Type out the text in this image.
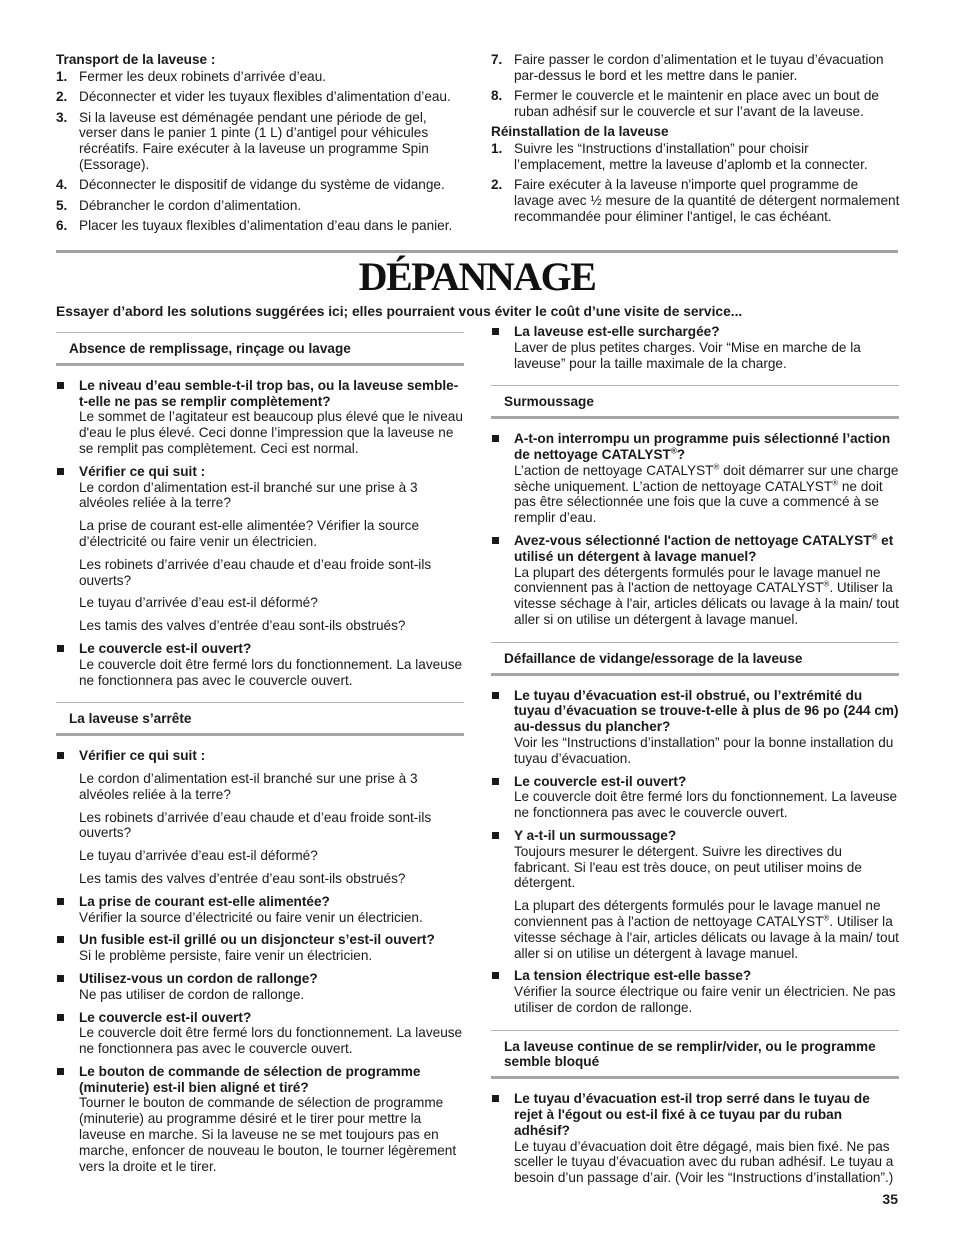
Transport de la laveuse :

1. Fermer les deux robinets d’arrivée d’eau.
2. Déconnecter et vider les tuyaux flexibles d’alimentation d’eau.
3. Si la laveuse est déménagée pendant une période de gel, verser dans le panier 1 pinte (1 L) d’antigel pour véhicules récréatifs. Faire exécuter à la laveuse un programme Spin (Essorage).
4. Déconnecter le dispositif de vidange du système de vidange.
5. Débrancher le cordon d’alimentation.
6. Placer les tuyaux flexibles d’alimentation d’eau dans le panier.
7. Faire passer le cordon d’alimentation et le tuyau d’évacuation par-dessus le bord et les mettre dans le panier.
8. Fermer le couvercle et le maintenir en place avec un bout de ruban adhésif sur le couvercle et sur l’avant de la laveuse.

Réinstallation de la laveuse

1. Suivre les “Instructions d’installation” pour choisir l’emplacement, mettre la laveuse d’aplomb et la connecter.
2. Faire exécuter à la laveuse n'importe quel programme de lavage avec ½ mesure de la quantité de détergent normalement recommandée pour éliminer l'antigel, le cas échéant.
DÉPANNAGE

Essayer d’abord les solutions suggérées ici; elles pourraient vous éviter le coût d’une visite de service...

Absence de remplissage, rinçage ou lavage

Le niveau d’eau semble-t-il trop bas, ou la laveuse semble-t-elle ne pas se remplir complètement?

Le sommet de l’agitateur est beaucoup plus élevé que le niveau d'eau le plus élevé. Ceci donne l’impression que la laveuse ne se remplit pas complètement. Ceci est normal.

Vérifier ce qui suit :

Le cordon d’alimentation est-il branché sur une prise à 3 alvéoles reliée à la terre?

La prise de courant est-elle alimentée? Vérifier la source d’électricité ou faire venir un électricien.

Les robinets d’arrivée d’eau chaude et d’eau froide sont-ils ouverts?

Le tuyau d’arrivée d’eau est-il déformé?

Les tamis des valves d’entrée d’eau sont-ils obstrués?

Le couvercle est-il ouvert?

Le couvercle doit être fermé lors du fonctionnement. La laveuse ne fonctionnera pas avec le couvercle ouvert.

La laveuse s’arrête

Vérifier ce qui suit :

Le cordon d’alimentation est-il branché sur une prise à 3 alvéoles reliée à la terre?

Les robinets d’arrivée d’eau chaude et d’eau froide sont-ils ouverts?

Le tuyau d’arrivée d’eau est-il déformé?

Les tamis des valves d’entrée d’eau sont-ils obstrués?

La prise de courant est-elle alimentée?

Vérifier la source d’électricité ou faire venir un électricien.

Un fusible est-il grillé ou un disjoncteur s’est-il ouvert?

Si le problème persiste, faire venir un électricien.

Utilisez-vous un cordon de rallonge?

Ne pas utiliser de cordon de rallonge.

Le couvercle est-il ouvert?

Le couvercle doit être fermé lors du fonctionnement. La laveuse ne fonctionnera pas avec le couvercle ouvert.

Le bouton de commande de sélection de programme (minuterie) est-il bien aligné et tiré?

Tourner le bouton de commande de sélection de programme (minuterie) au programme désiré et le tirer pour mettre la laveuse en marche. Si la laveuse ne se met toujours pas en marche, enfoncer de nouveau le bouton, le tourner légèrement vers la droite et le tirer.

La laveuse est-elle surchargée?

Laver de plus petites charges. Voir “Mise en marche de la laveuse” pour la taille maximale de la charge.

Surmoussage

A-t-on interrompu un programme puis sélectionné l’action de nettoyage CATALYST®?

L’action de nettoyage CATALYST® doit démarrer sur une charge sèche uniquement. L’action de nettoyage CATALYST® ne doit pas être sélectionnée une fois que la cuve a commencé à se remplir d’eau.

Avez-vous sélectionné l'action de nettoyage CATALYST® et utilisé un détergent à lavage manuel?

La plupart des détergents formulés pour le lavage manuel ne conviennent pas à l'action de nettoyage CATALYST®. Utiliser la vitesse séchage à l'air, articles délicats ou lavage à la main/ tout aller si on utilise un détergent à lavage manuel.

Défaillance de vidange/essorage de la laveuse

Le tuyau d’évacuation est-il obstrué, ou l’extrémité du tuyau d’évacuation se trouve-t-elle à plus de 96 po (244 cm) au-dessus du plancher?

Voir les “Instructions d’installation” pour la bonne installation du tuyau d’évacuation.

Le couvercle est-il ouvert?

Le couvercle doit être fermé lors du fonctionnement. La laveuse ne fonctionnera pas avec le couvercle ouvert.

Y a-t-il un surmoussage?

Toujours mesurer le détergent. Suivre les directives du fabricant. Si l'eau est très douce, on peut utiliser moins de détergent.

La plupart des détergents formulés pour le lavage manuel ne conviennent pas à l'action de nettoyage CATALYST®. Utiliser la vitesse séchage à l'air, articles délicats ou lavage à la main/ tout aller si on utilise un détergent à lavage manuel.

La tension électrique est-elle basse?

Vérifier la source électrique ou faire venir un électricien. Ne pas utiliser de cordon de rallonge.

La laveuse continue de se remplir/vider, ou le programme semble bloqué

Le tuyau d’évacuation est-il trop serré dans le tuyau de rejet à l'égout ou est-il fixé à ce tuyau par du ruban adhésif?

Le tuyau d’évacuation doit être dégagé, mais bien fixé. Ne pas sceller le tuyau d’évacuation avec du ruban adhésif. Le tuyau a besoin d’un passage d’air. (Voir les “Instructions d’installation”.)

35
